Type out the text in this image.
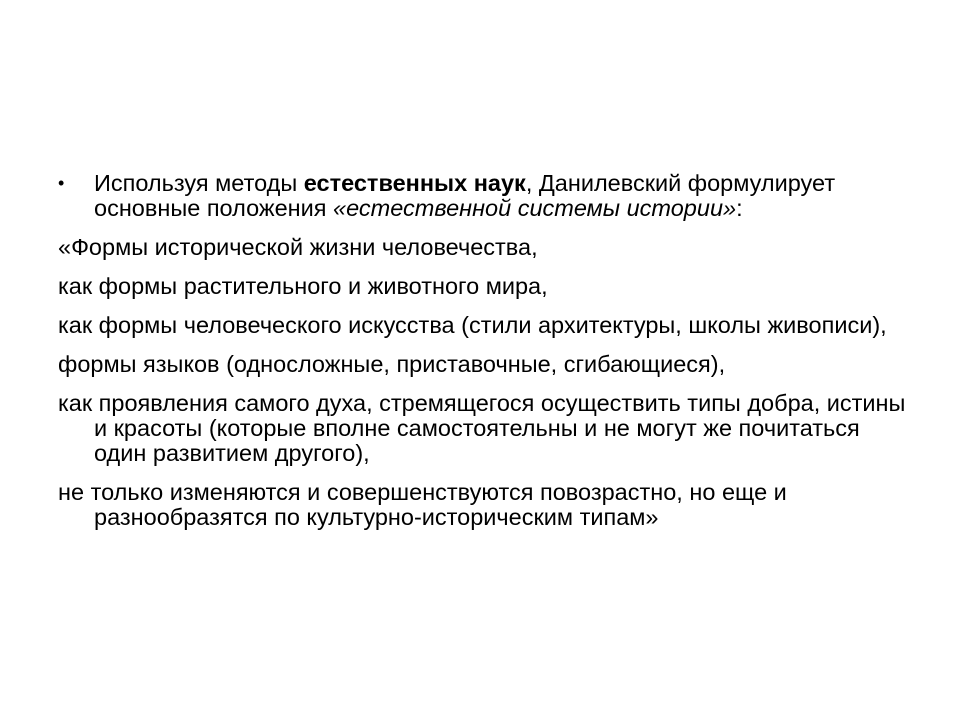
• Используя методы естественных наук, Данилевский формулирует основные положения «естественной системы истории»:
«Формы исторической жизни человечества,
как формы растительного и животного мира,
как формы человеческого искусства (стили архитектуры, школы живописи),
формы языков (односложные, приставочные, сгибающиеся),
как проявления самого духа, стремящегося осуществить типы добра, истины и красоты (которые вполне самостоятельны и не могут же почитаться один развитием другого),
не только изменяются и совершенствуются повозрастно, но еще и разнообразятся по культурно-историческим типам»
